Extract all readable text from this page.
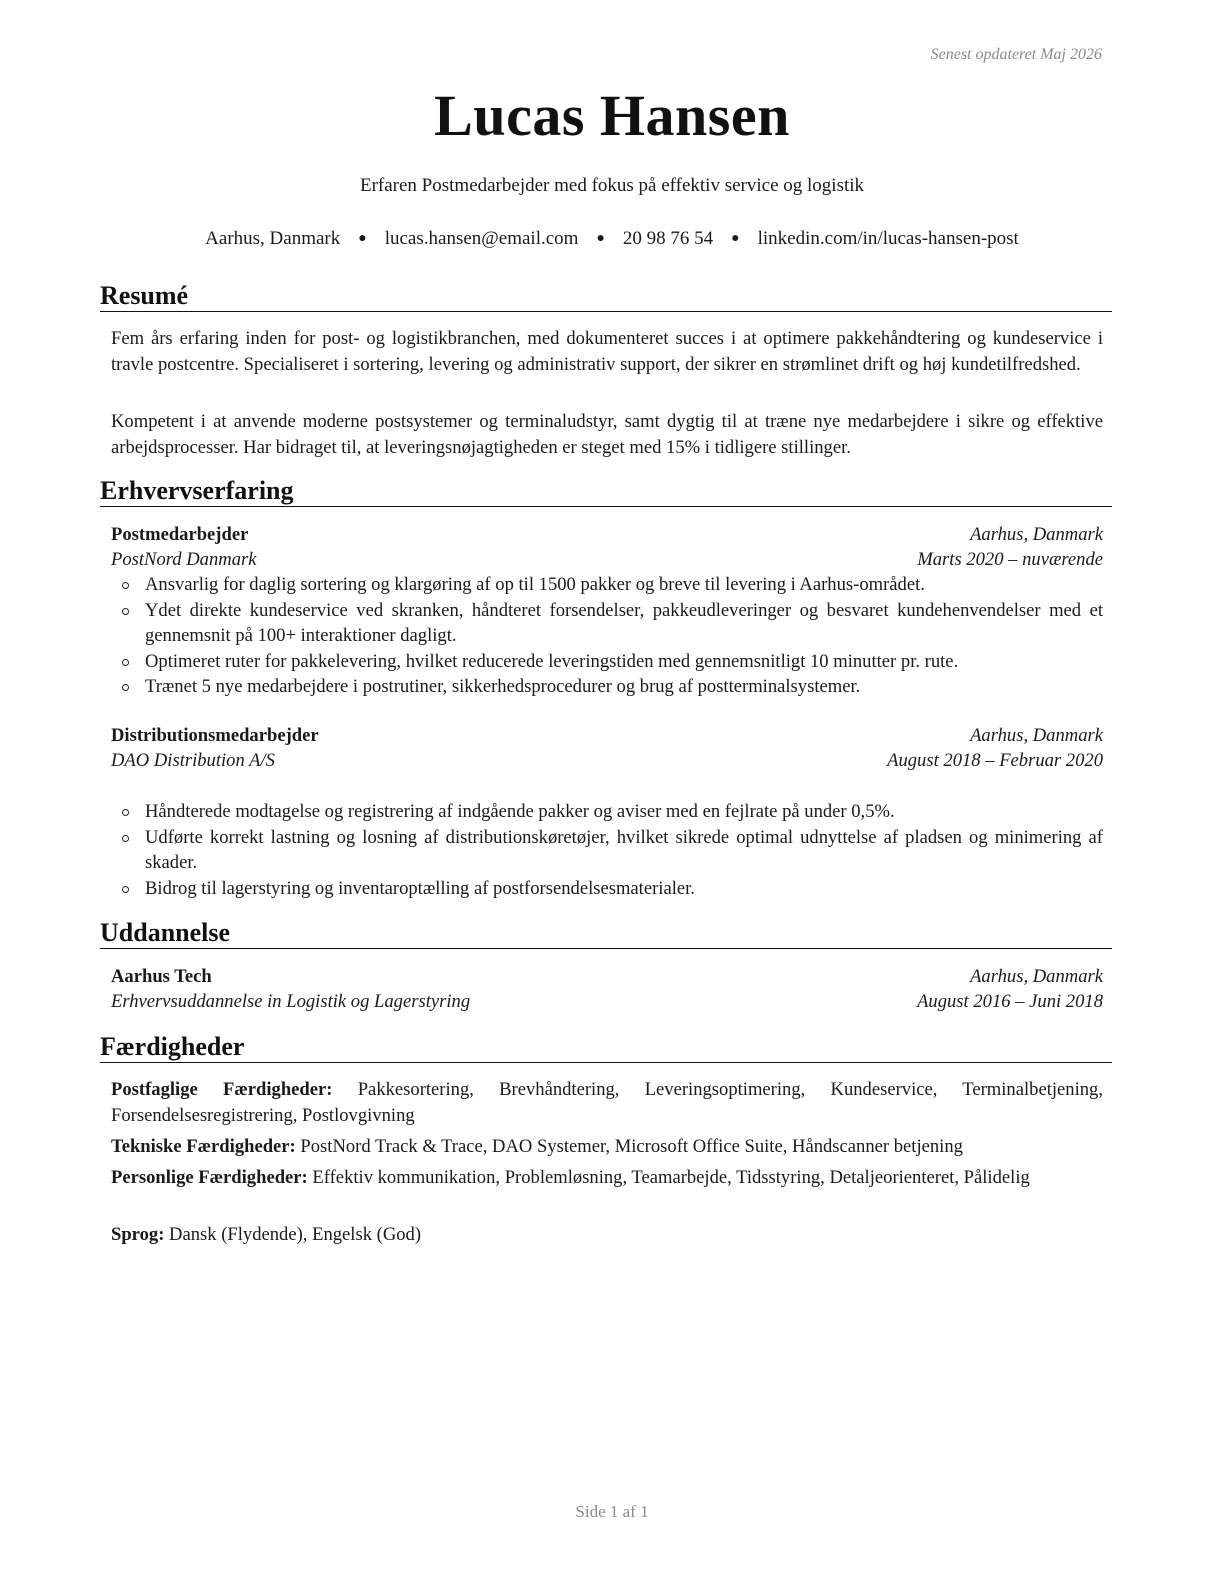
Senest opdateret Maj 2026
Lucas Hansen
Erfaren Postmedarbejder med fokus på effektiv service og logistik
Aarhus, Danmark ● lucas.hansen@email.com ● 20 98 76 54 ● linkedin.com/in/lucas-hansen-post
Resumé
Fem års erfaring inden for post- og logistikbranchen, med dokumenteret succes i at optimere pakkehåndtering og kundeservice i travle postcentre. Specialiseret i sortering, levering og administrativ support, der sikrer en strømlinet drift og høj kundetilfredshed.
Kompetent i at anvende moderne postsystemer og terminaludstyr, samt dygtig til at træne nye medarbejdere i sikre og effektive arbejdsprocesser. Har bidraget til, at leveringsnøjagtigheden er steget med 15% i tidligere stillinger.
Erhvervserfaring
Postmedarbejder	Aarhus, Danmark
PostNord Danmark	Marts 2020 – nuværende
Ansvarlig for daglig sortering og klargøring af op til 1500 pakker og breve til levering i Aarhus-området.
Ydet direkte kundeservice ved skranken, håndteret forsendelser, pakkeudleveringer og besvaret kundehenvendelser med et gennemsnit på 100+ interaktioner dagligt.
Optimeret ruter for pakkelevering, hvilket reducerede leveringstiden med gennemsnitligt 10 minutter pr. rute.
Trænet 5 nye medarbejdere i postrutiner, sikkerhedsprocedurer og brug af postterminalsystemer.
Distributionsmedarbejder	Aarhus, Danmark
DAO Distribution A/S	August 2018 – Februar 2020
Håndterede modtagelse og registrering af indgående pakker og aviser med en fejlrate på under 0,5%.
Udførte korrekt lastning og losning af distributionskøretøjer, hvilket sikrede optimal udnyttelse af pladsen og minimering af skader.
Bidrog til lagerstyring og inventaroptælling af postforsendelsesmaterialer.
Uddannelse
Aarhus Tech	Aarhus, Danmark
Erhvervsuddannelse in Logistik og Lagerstyring	August 2016 – Juni 2018
Færdigheder
Postfaglige Færdigheder: Pakkesortering, Brevhåndtering, Leveringsoptimering, Kundeservice, Terminalbetjening, Forsendelsesregistrering, Postlovgivning
Tekniske Færdigheder: PostNord Track & Trace, DAO Systemer, Microsoft Office Suite, Håndscanner betjening
Personlige Færdigheder: Effektiv kommunikation, Problemløsning, Teamarbejde, Tidsstyring, Detaljeorienteret, Pålidelig
Sprog: Dansk (Flydende), Engelsk (God)
Side 1 af 1
